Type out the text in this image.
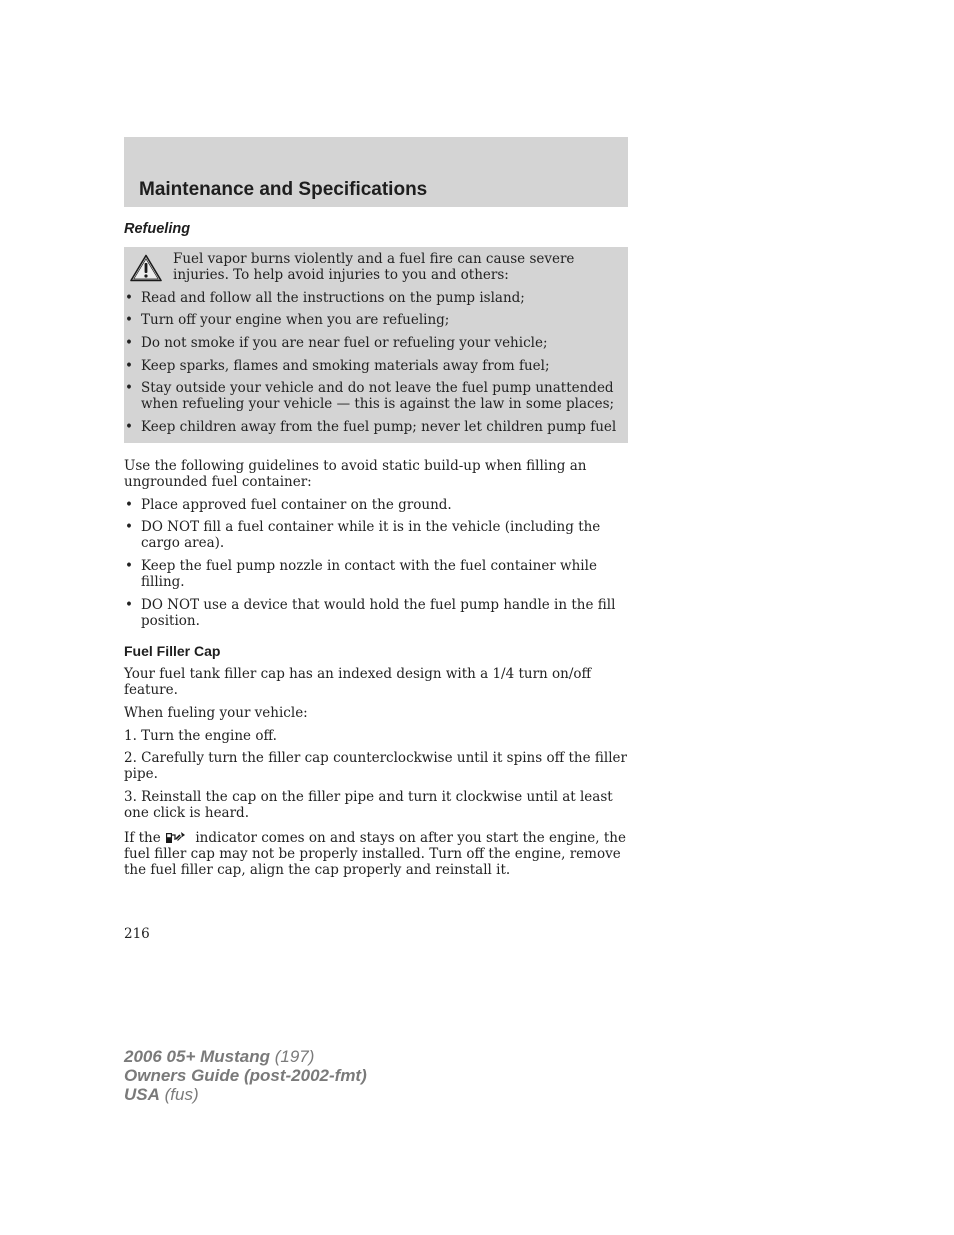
Maintenance and Specifications
Refueling

Fuel vapor burns violently and a fuel fire can cause severe injuries. To help avoid injuries to you and others:

• Read and follow all the instructions on the pump island;
• Turn off your engine when you are refueling;
• Do not smoke if you are near fuel or refueling your vehicle;
• Keep sparks, flames and smoking materials away from fuel;
• Stay outside your vehicle and do not leave the fuel pump unattended when refueling your vehicle — this is against the law in some places;
• Keep children away from the fuel pump; never let children pump fuel

Use the following guidelines to avoid static build-up when filling an ungrounded fuel container:

• Place approved fuel container on the ground.
• DO NOT fill a fuel container while it is in the vehicle (including the cargo area).
• Keep the fuel pump nozzle in contact with the fuel container while filling.
• DO NOT use a device that would hold the fuel pump handle in the fill position.
Fuel Filler Cap

Your fuel tank filler cap has an indexed design with a 1/4 turn on/off feature.

When fueling your vehicle:

1. Turn the engine off.

2. Carefully turn the filler cap counterclockwise until it spins off the filler pipe.

3. Reinstall the cap on the filler pipe and turn it clockwise until at least one click is heard.

If the	indicator comes on and stays on after you start the engine, the fuel filler cap may not be properly installed. Turn off the engine, remove the fuel filler cap, align the cap properly and reinstall it.

216
2006 05+ Mustang (197)
Owners Guide (post-2002-fmt)
USA (fus)
